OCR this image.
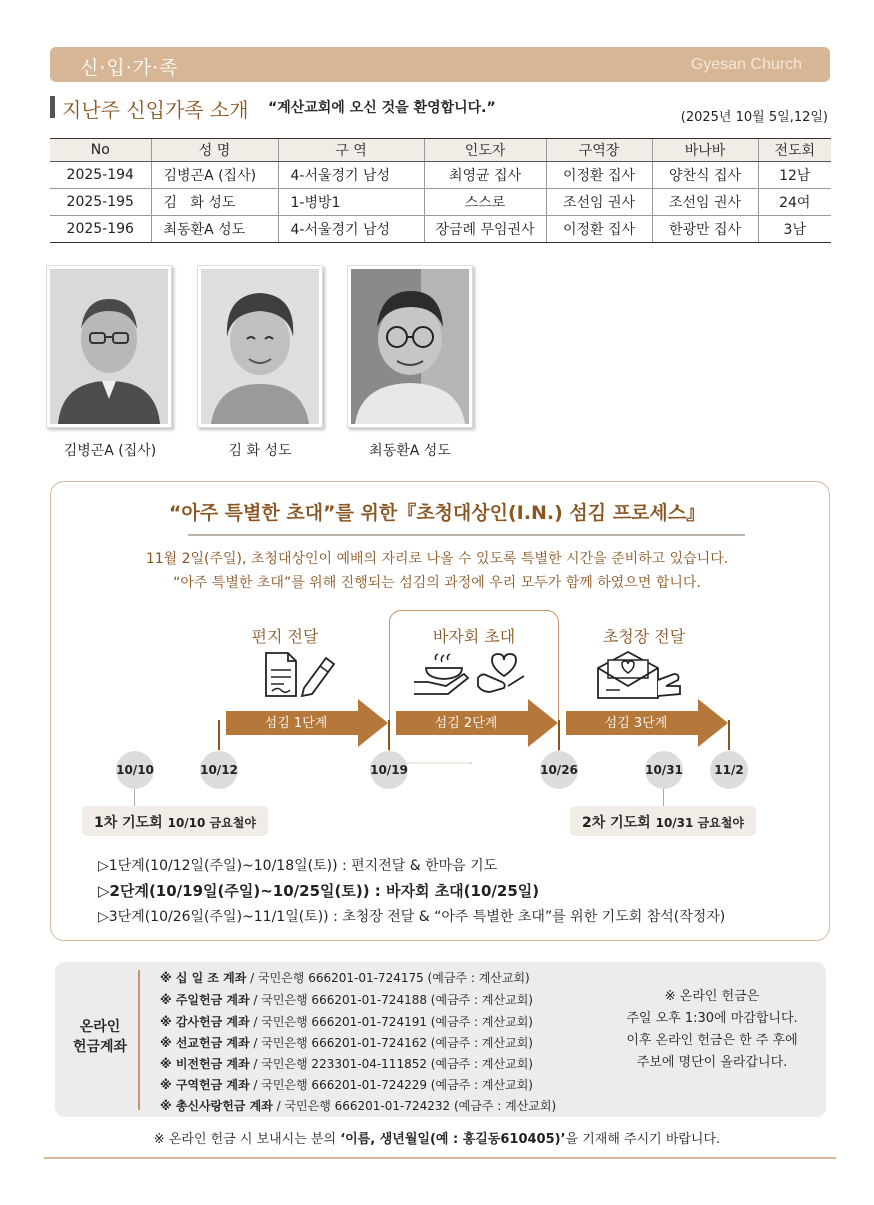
신·입·가·족	Gyesan Church
지난주 신입가족 소개 “계산교회에 오신 것을 환영합니다.”
(2025년 10월 5일,12일)
No	성 명	구 역	인도자	구역장	바나바	전도회
2025-194	김병곤A (집사)	4-서울경기 남성	최영균 집사	이정환 집사	양찬식 집사	12남
2025-195	김   화 성도	1-병방1	스스로	조선임 권사	조선임 권사	24여
2025-196	최동환A 성도	4-서울경기 남성	장금례 무임권사	이정환 집사	한광만 집사	3남
김병곤A (집사)	김 화 성도	최동환A 성도
“아주 특별한 초대”를 위한『초청대상인(I.N.) 섬김 프로세스』
11월 2일(주일), 초청대상인이 예배의 자리로 나올 수 있도록 특별한 시간을 준비하고 있습니다.
“아주 특별한 초대”를 위해 진행되는 섬김의 과정에 우리 모두가 함께 하였으면 합니다.
편지 전달	바자회 초대	초청장 전달
섬김 1단계	섬김 2단계	섬김 3단계
10/10	10/12	10/19	10/26	10/31	11/2
1차 기도회 10/10 금요철야	2차 기도회 10/31 금요철야
▷1단계(10/12일(주일)~10/18일(토)) : 편지전달 & 한마음 기도
▷2단계(10/19일(주일)~10/25일(토)) : 바자회 초대(10/25일)
▷3단계(10/26일(주일)~11/1일(토)) : 초청장 전달 & “아주 특별한 초대”를 위한 기도회 참석(작정자)
온라인
헌금계좌
※ 십 일 조 계좌 / 국민은행 666201-01-724175 (예금주 : 계산교회)
※ 주일헌금 계좌 / 국민은행 666201-01-724188 (예금주 : 계산교회)
※ 감사헌금 계좌 / 국민은행 666201-01-724191 (예금주 : 계산교회)
※ 선교헌금 계좌 / 국민은행 666201-01-724162 (예금주 : 계산교회)
※ 비전헌금 계좌 / 국민은행 223301-04-111852 (예금주 : 계산교회)
※ 구역헌금 계좌 / 국민은행 666201-01-724229 (예금주 : 계산교회)
※ 총신사랑헌금 계좌 / 국민은행 666201-01-724232 (예금주 : 계산교회)
※ 온라인 헌금은
주일 오후 1:30에 마감합니다.
이후 온라인 헌금은 한 주 후에
주보에 명단이 올라갑니다.
※ 온라인 헌금 시 보내시는 분의 ‘이름, 생년월일(예 : 홍길동610405)’을 기재해 주시기 바랍니다.
